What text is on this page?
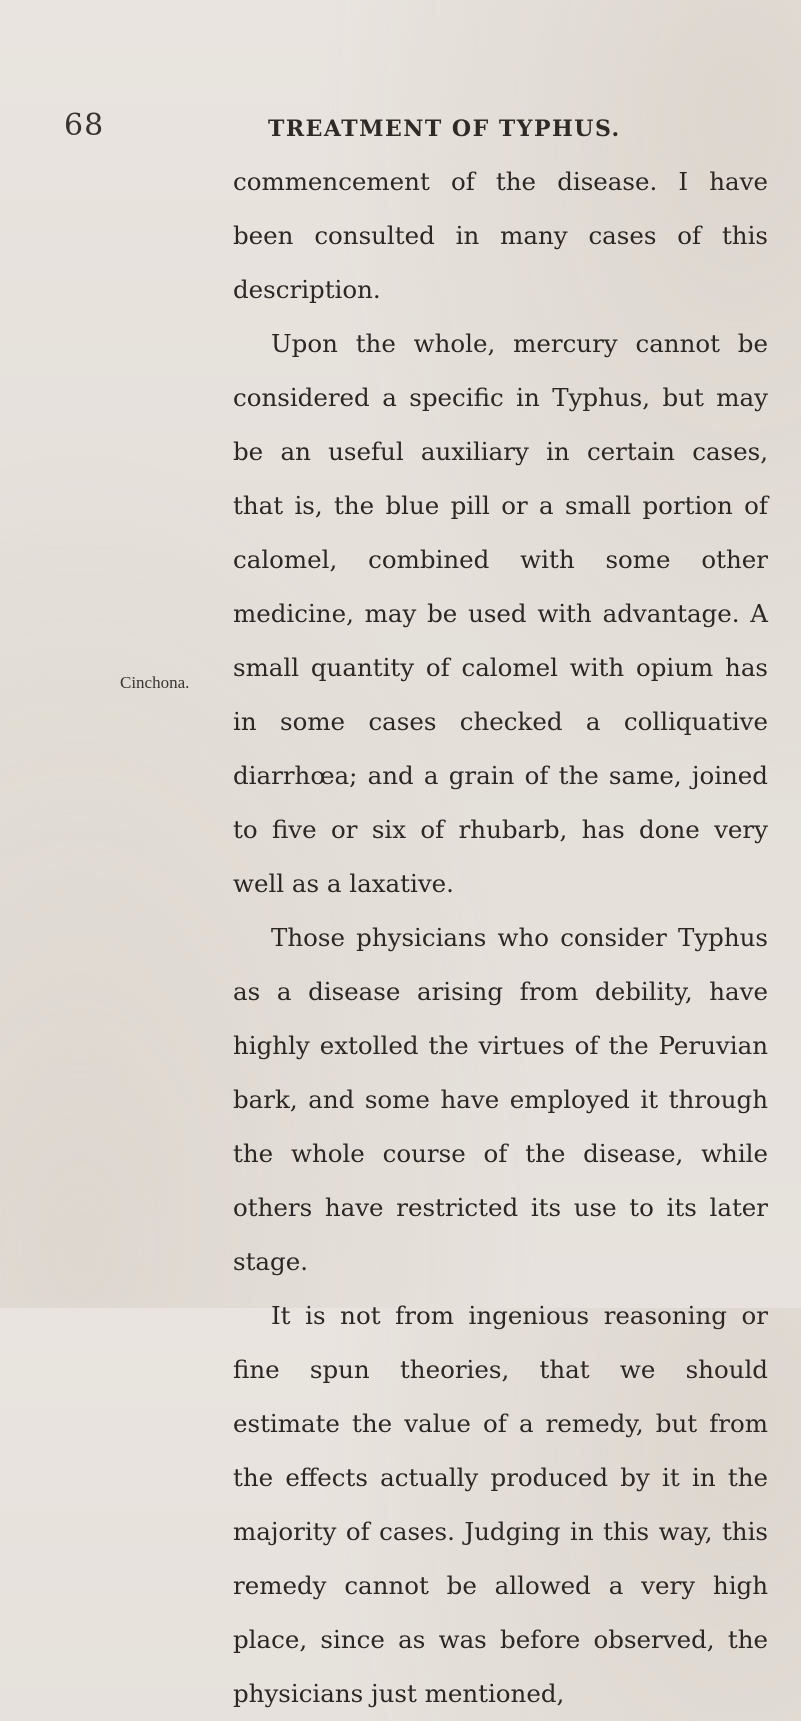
68	TREATMENT OF TYPHUS.
Cinchona.

commencement of the disease. I have been consulted in many cases of this description.

Upon the whole, mercury cannot be considered a specific in Typhus, but may be an useful auxiliary in certain cases, that is, the blue pill or a small portion of calomel, combined with some other medicine, may be used with advantage. A small quantity of calomel with opium has in some cases checked a colliquative diarrhœa; and a grain of the same, joined to five or six of rhubarb, has done very well as a laxative.

Those physicians who consider Typhus as a disease arising from debility, have highly extolled the virtues of the Peruvian bark, and some have employed it through the whole course of the disease, while others have restricted its use to its later stage.

It is not from ingenious reasoning or fine spun theories, that we should estimate the value of a remedy, but from the effects actually produced by it in the majority of cases. Judging in this way, this remedy cannot be allowed a very high place, since as was before observed, the physicians just mentioned,
